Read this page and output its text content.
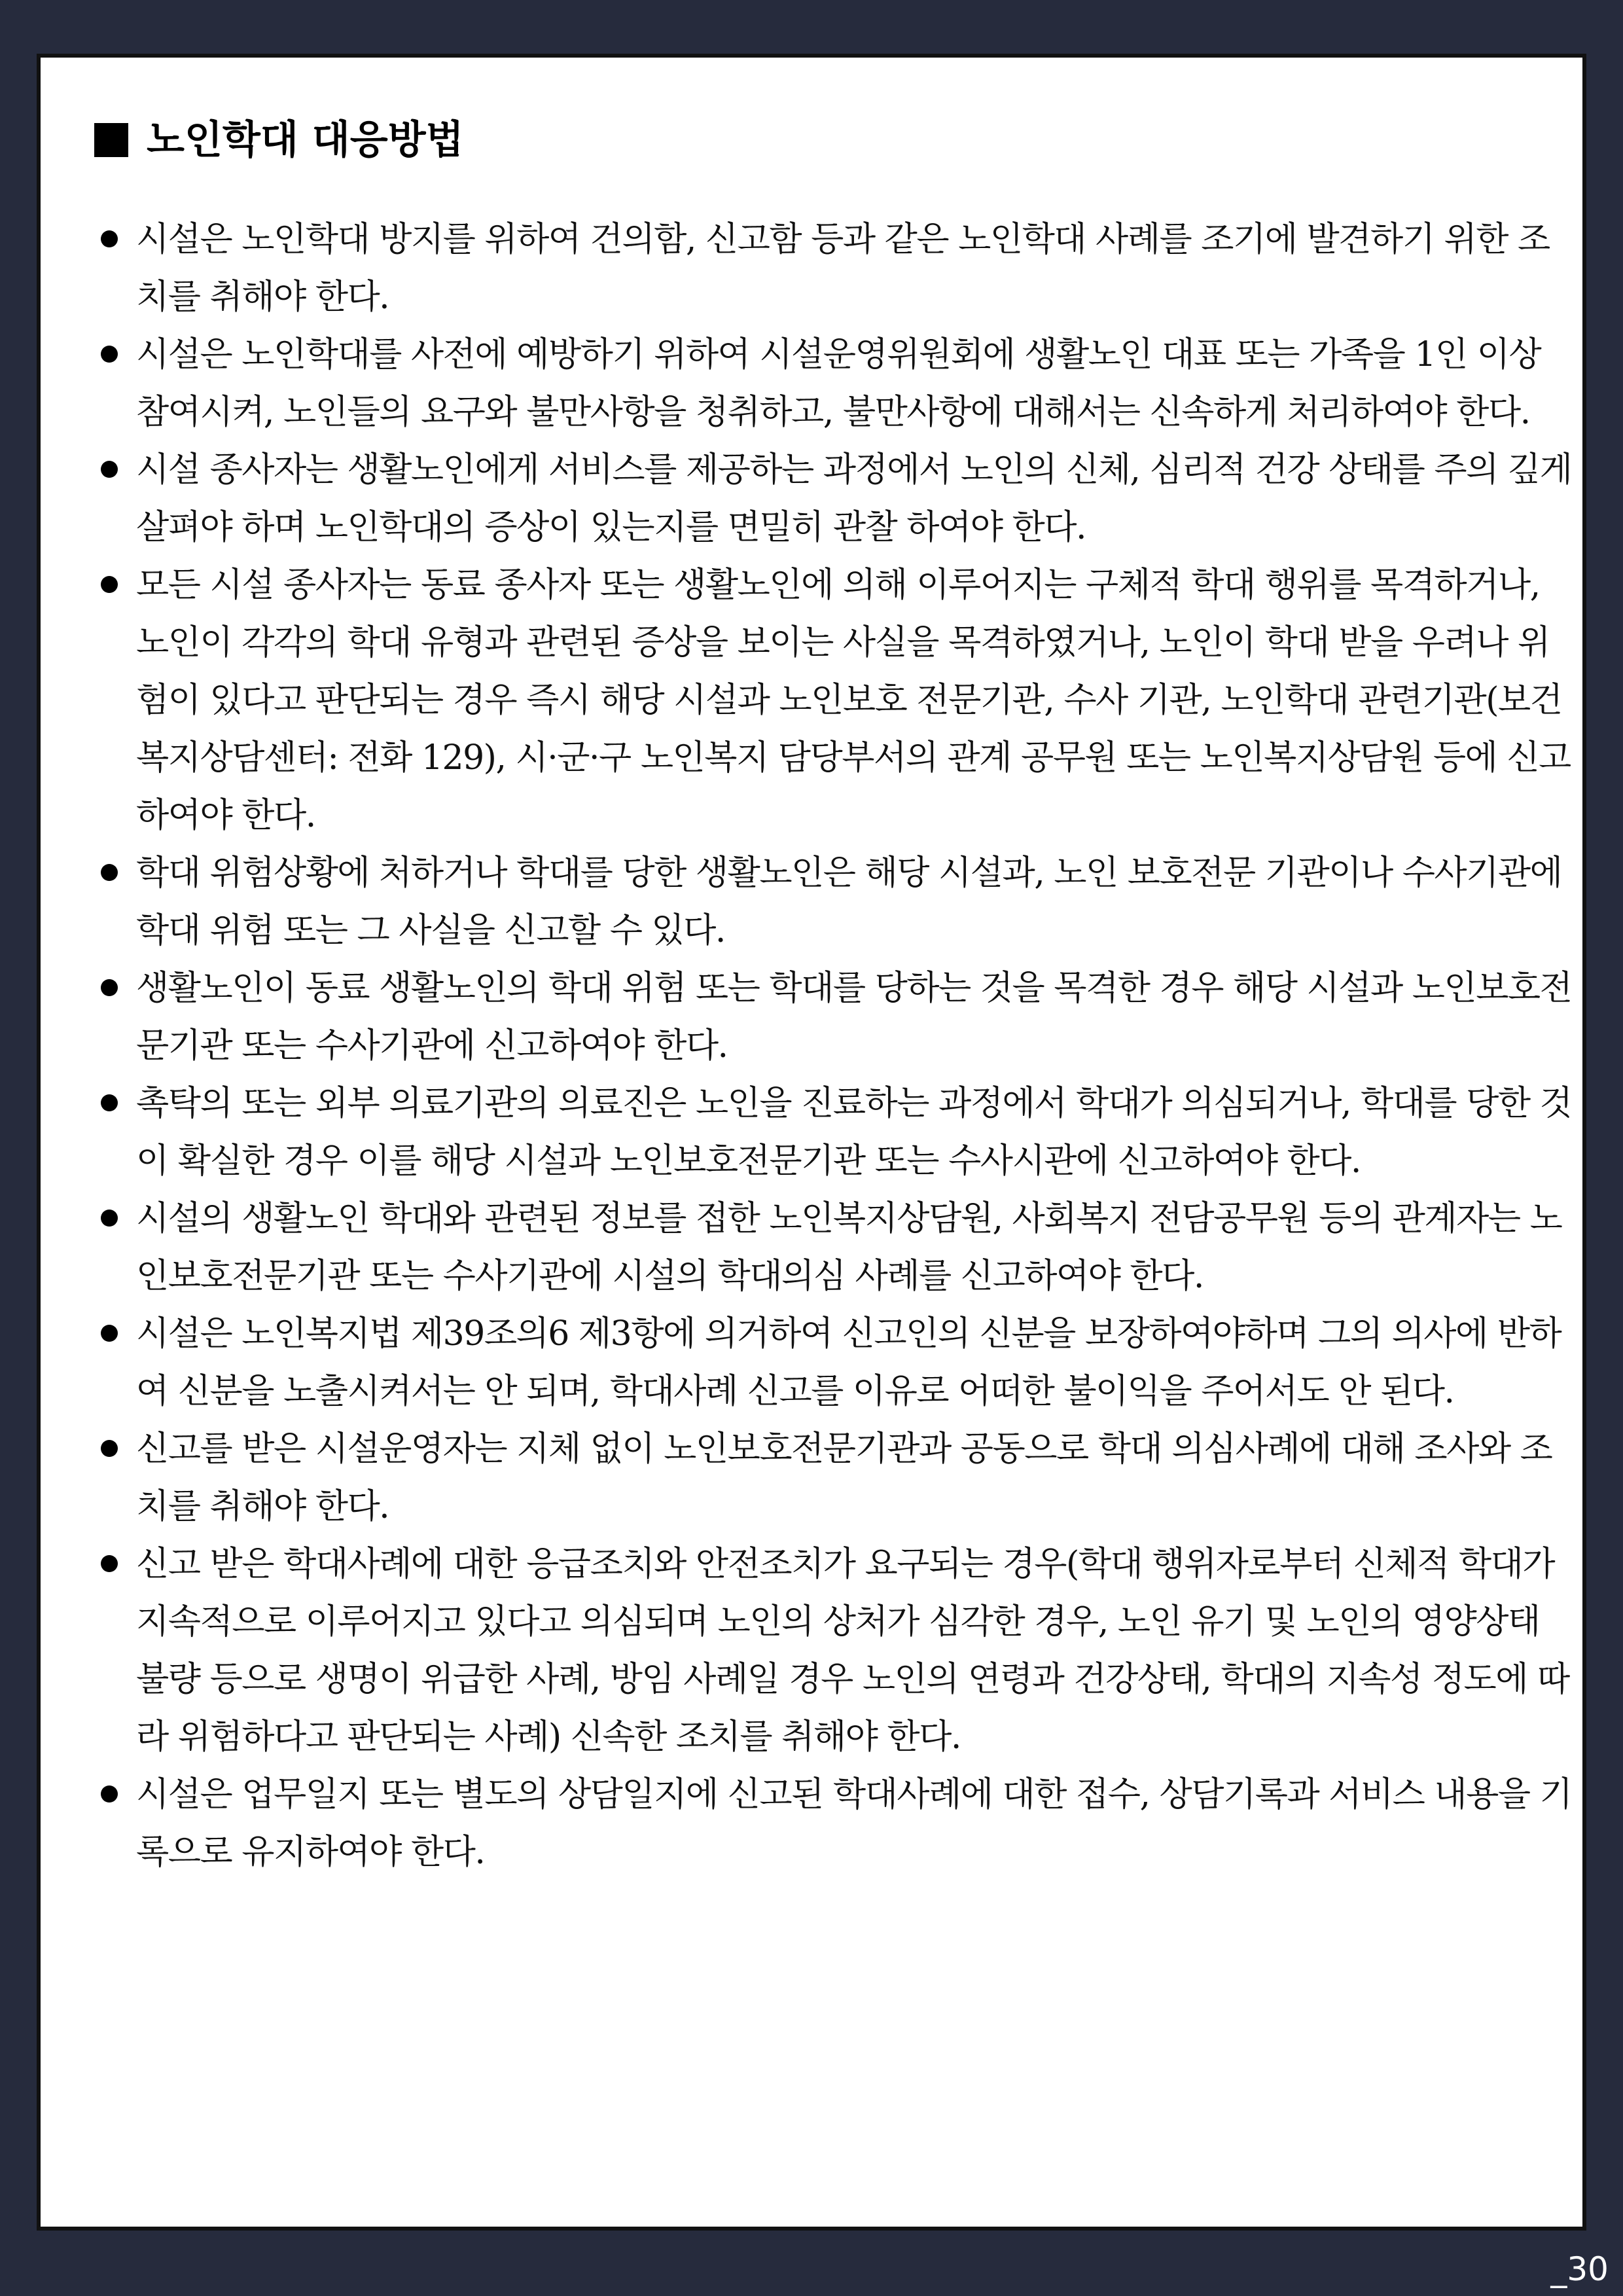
노인학대 대응방법
시설은 노인학대 방지를 위하여 건의함, 신고함 등과 같은 노인학대 사례를 조기에 발견하기 위한 조치를 취해야 한다.
시설은 노인학대를 사전에 예방하기 위하여 시설운영위원회에 생활노인 대표 또는 가족을 1인 이상 참여시켜, 노인들의 요구와 불만사항을 청취하고, 불만사항에 대해서는 신속하게 처리하여야 한다.
시설 종사자는 생활노인에게 서비스를 제공하는 과정에서 노인의 신체, 심리적 건강 상태를 주의 깊게 살펴야 하며 노인학대의 증상이 있는지를 면밀히 관찰 하여야 한다.
모든 시설 종사자는 동료 종사자 또는 생활노인에 의해 이루어지는 구체적 학대 행위를 목격하거나, 노인이 각각의 학대 유형과 관련된 증상을 보이는 사실을 목격하였거나, 노인이 학대 받을 우려나 위험이 있다고 판단되는 경우 즉시 해당 시설과 노인보호 전문기관, 수사 기관, 노인학대 관련기관(보건복지상담센터: 전화 129), 시·군·구 노인복지 담당부서의 관계 공무원 또는 노인복지상담원 등에 신고하여야 한다.
학대 위험상황에 처하거나 학대를 당한 생활노인은 해당 시설과, 노인 보호전문 기관이나 수사기관에 학대 위험 또는 그 사실을 신고할 수 있다.
생활노인이 동료 생활노인의 학대 위험 또는 학대를 당하는 것을 목격한 경우 해당 시설과 노인보호전문기관 또는 수사기관에 신고하여야 한다.
촉탁의 또는 외부 의료기관의 의료진은 노인을 진료하는 과정에서 학대가 의심되거나, 학대를 당한 것이 확실한 경우 이를 해당 시설과 노인보호전문기관 또는 수사시관에 신고하여야 한다.
시설의 생활노인 학대와 관련된 정보를 접한 노인복지상담원, 사회복지 전담공무원 등의 관계자는 노인보호전문기관 또는 수사기관에 시설의 학대의심 사례를 신고하여야 한다.
시설은 노인복지법 제39조의6 제3항에 의거하여 신고인의 신분을 보장하여야하며 그의 의사에 반하여 신분을 노출시켜서는 안 되며, 학대사례 신고를 이유로 어떠한 불이익을 주어서도 안 된다.
신고를 받은 시설운영자는 지체 없이 노인보호전문기관과 공동으로 학대 의심사례에 대해 조사와 조치를 취해야 한다.
신고 받은 학대사례에 대한 응급조치와 안전조치가 요구되는 경우(학대 행위자로부터 신체적 학대가 지속적으로 이루어지고 있다고 의심되며 노인의 상처가 심각한 경우, 노인 유기 및 노인의 영양상태 불량 등으로 생명이 위급한 사례, 방임 사례일 경우 노인의 연령과 건강상태, 학대의 지속성 정도에 따라 위험하다고 판단되는 사례) 신속한 조치를 취해야 한다.
시설은 업무일지 또는 별도의 상담일지에 신고된 학대사례에 대한 접수, 상담기록과 서비스 내용을 기록으로 유지하여야 한다.
_30
